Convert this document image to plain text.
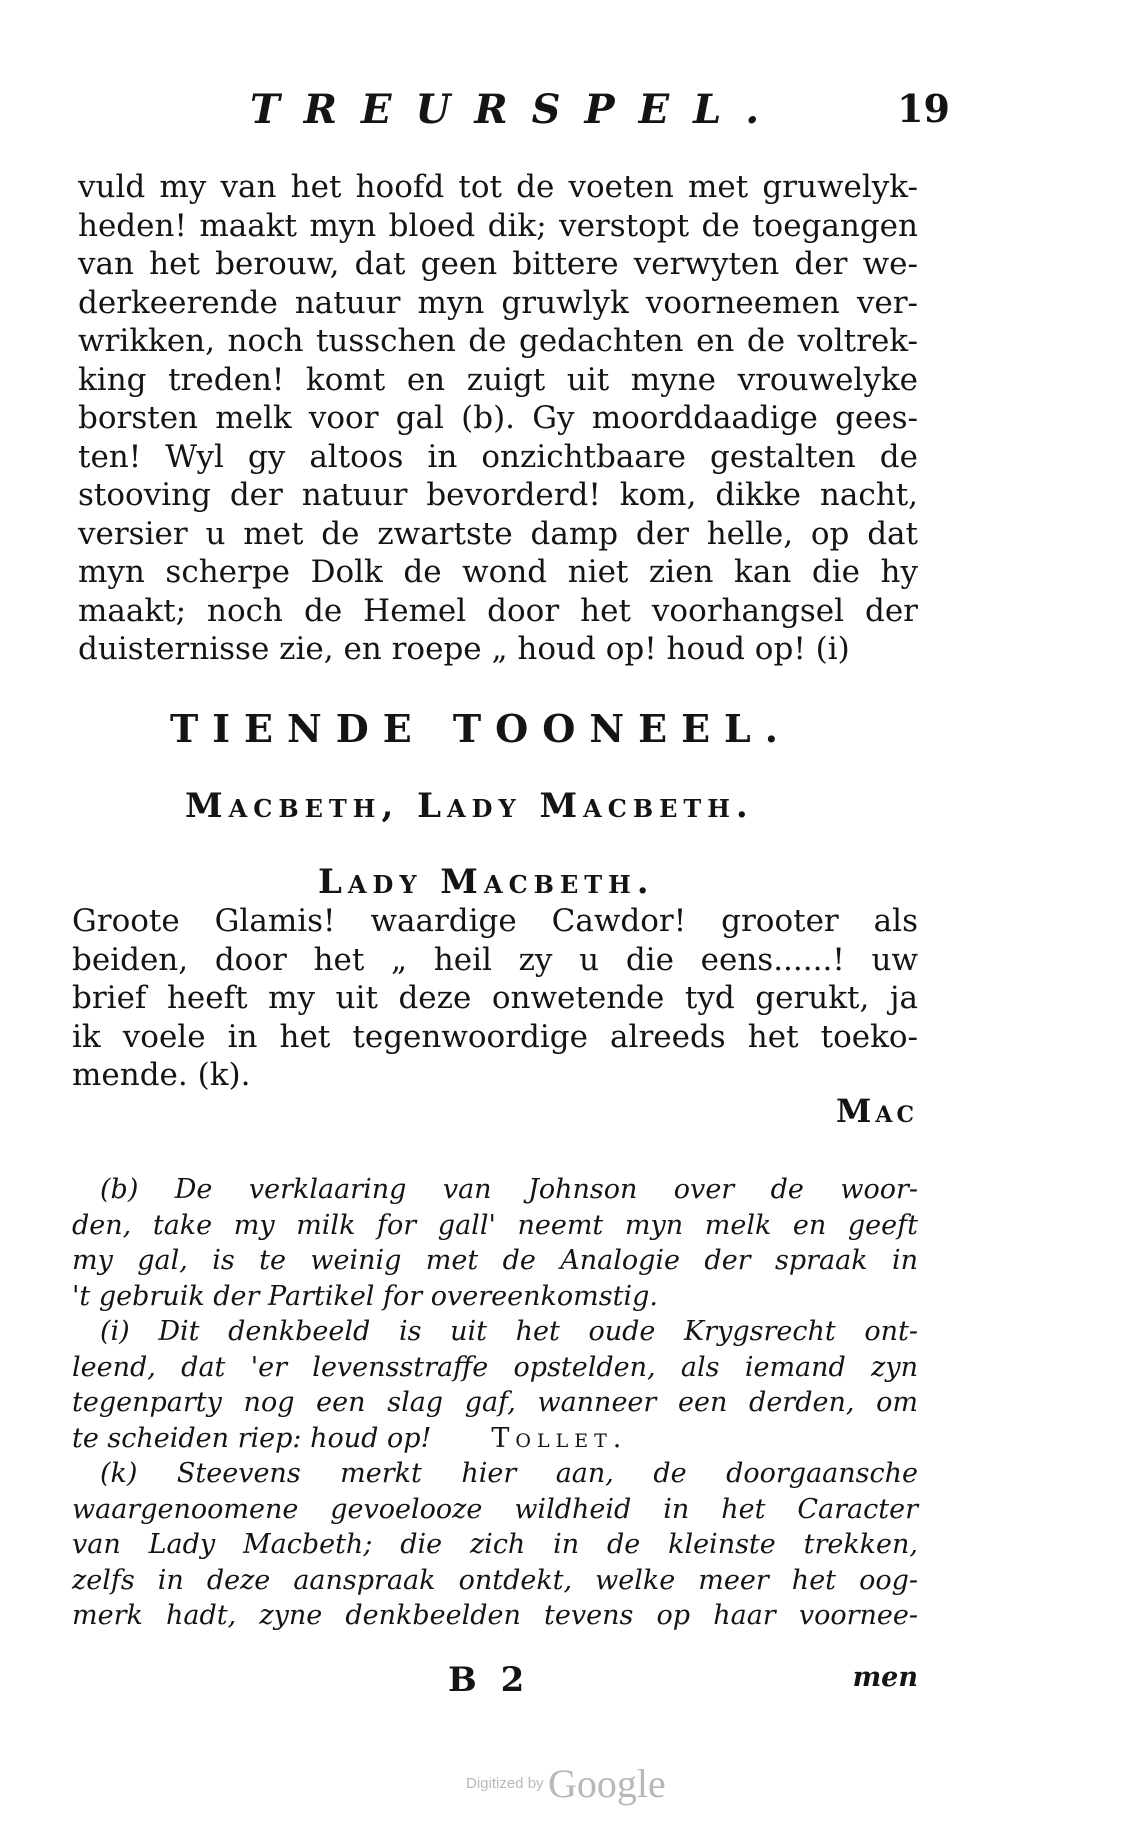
TREURSPEL.	19
vuld my van het hoofd tot de voeten met gruwelyk-
heden! maakt myn bloed dik; verstopt de toegangen
van het berouw, dat geen bittere verwyten der we-
derkeerende natuur myn gruwlyk voorneemen ver-
wrikken, noch tusschen de gedachten en de voltrek-
king treden! komt en zuigt uit myne vrouwelyke
borsten melk voor gal (b). Gy moorddaadige gees-
ten! Wyl gy altoos in onzichtbaare gestalten de
stooving der natuur bevorderd! kom, dikke nacht,
versier u met de zwartste damp der helle, op dat
myn scherpe Dolk de wond niet zien kan die hy
maakt; noch de Hemel door het voorhangsel der
duisternisse zie, en roepe „ houd op! houd op! (i)
TIENDE TOONEEL.
Macbeth, Lady Macbeth.
Lady Macbeth.
Groote Glamis! waardige Cawdor! grooter als
beiden, door het „ heil zy u die eens......! uw
brief heeft my uit deze onwetende tyd gerukt, ja
ik voele in het tegenwoordige alreeds het toeko-
mende. (k).
Mac
(b) De verklaaring van Johnson over de woor-
den, take my milk for gall' neemt myn melk en geeft
my gal, is te weinig met de Analogie der spraak in
't gebruik der Partikel for overeenkomstig.
(i) Dit denkbeeld is uit het oude Krygsrecht ont-
leend, dat 'er levensstraffe opstelden, als iemand zyn
tegenparty nog een slag gaf, wanneer een derden, om
te scheiden riep: houd op! Tollet.
(k) Steevens merkt hier aan, de doorgaansche
waargenoomene gevoelooze wildheid in het Caracter
van Lady Macbeth; die zich in de kleinste trekken,
zelfs in deze aanspraak ontdekt, welke meer het oog-
merk hadt, zyne denkbeelden tevens op haar voornee-
B 2	men
Digitized by Google
